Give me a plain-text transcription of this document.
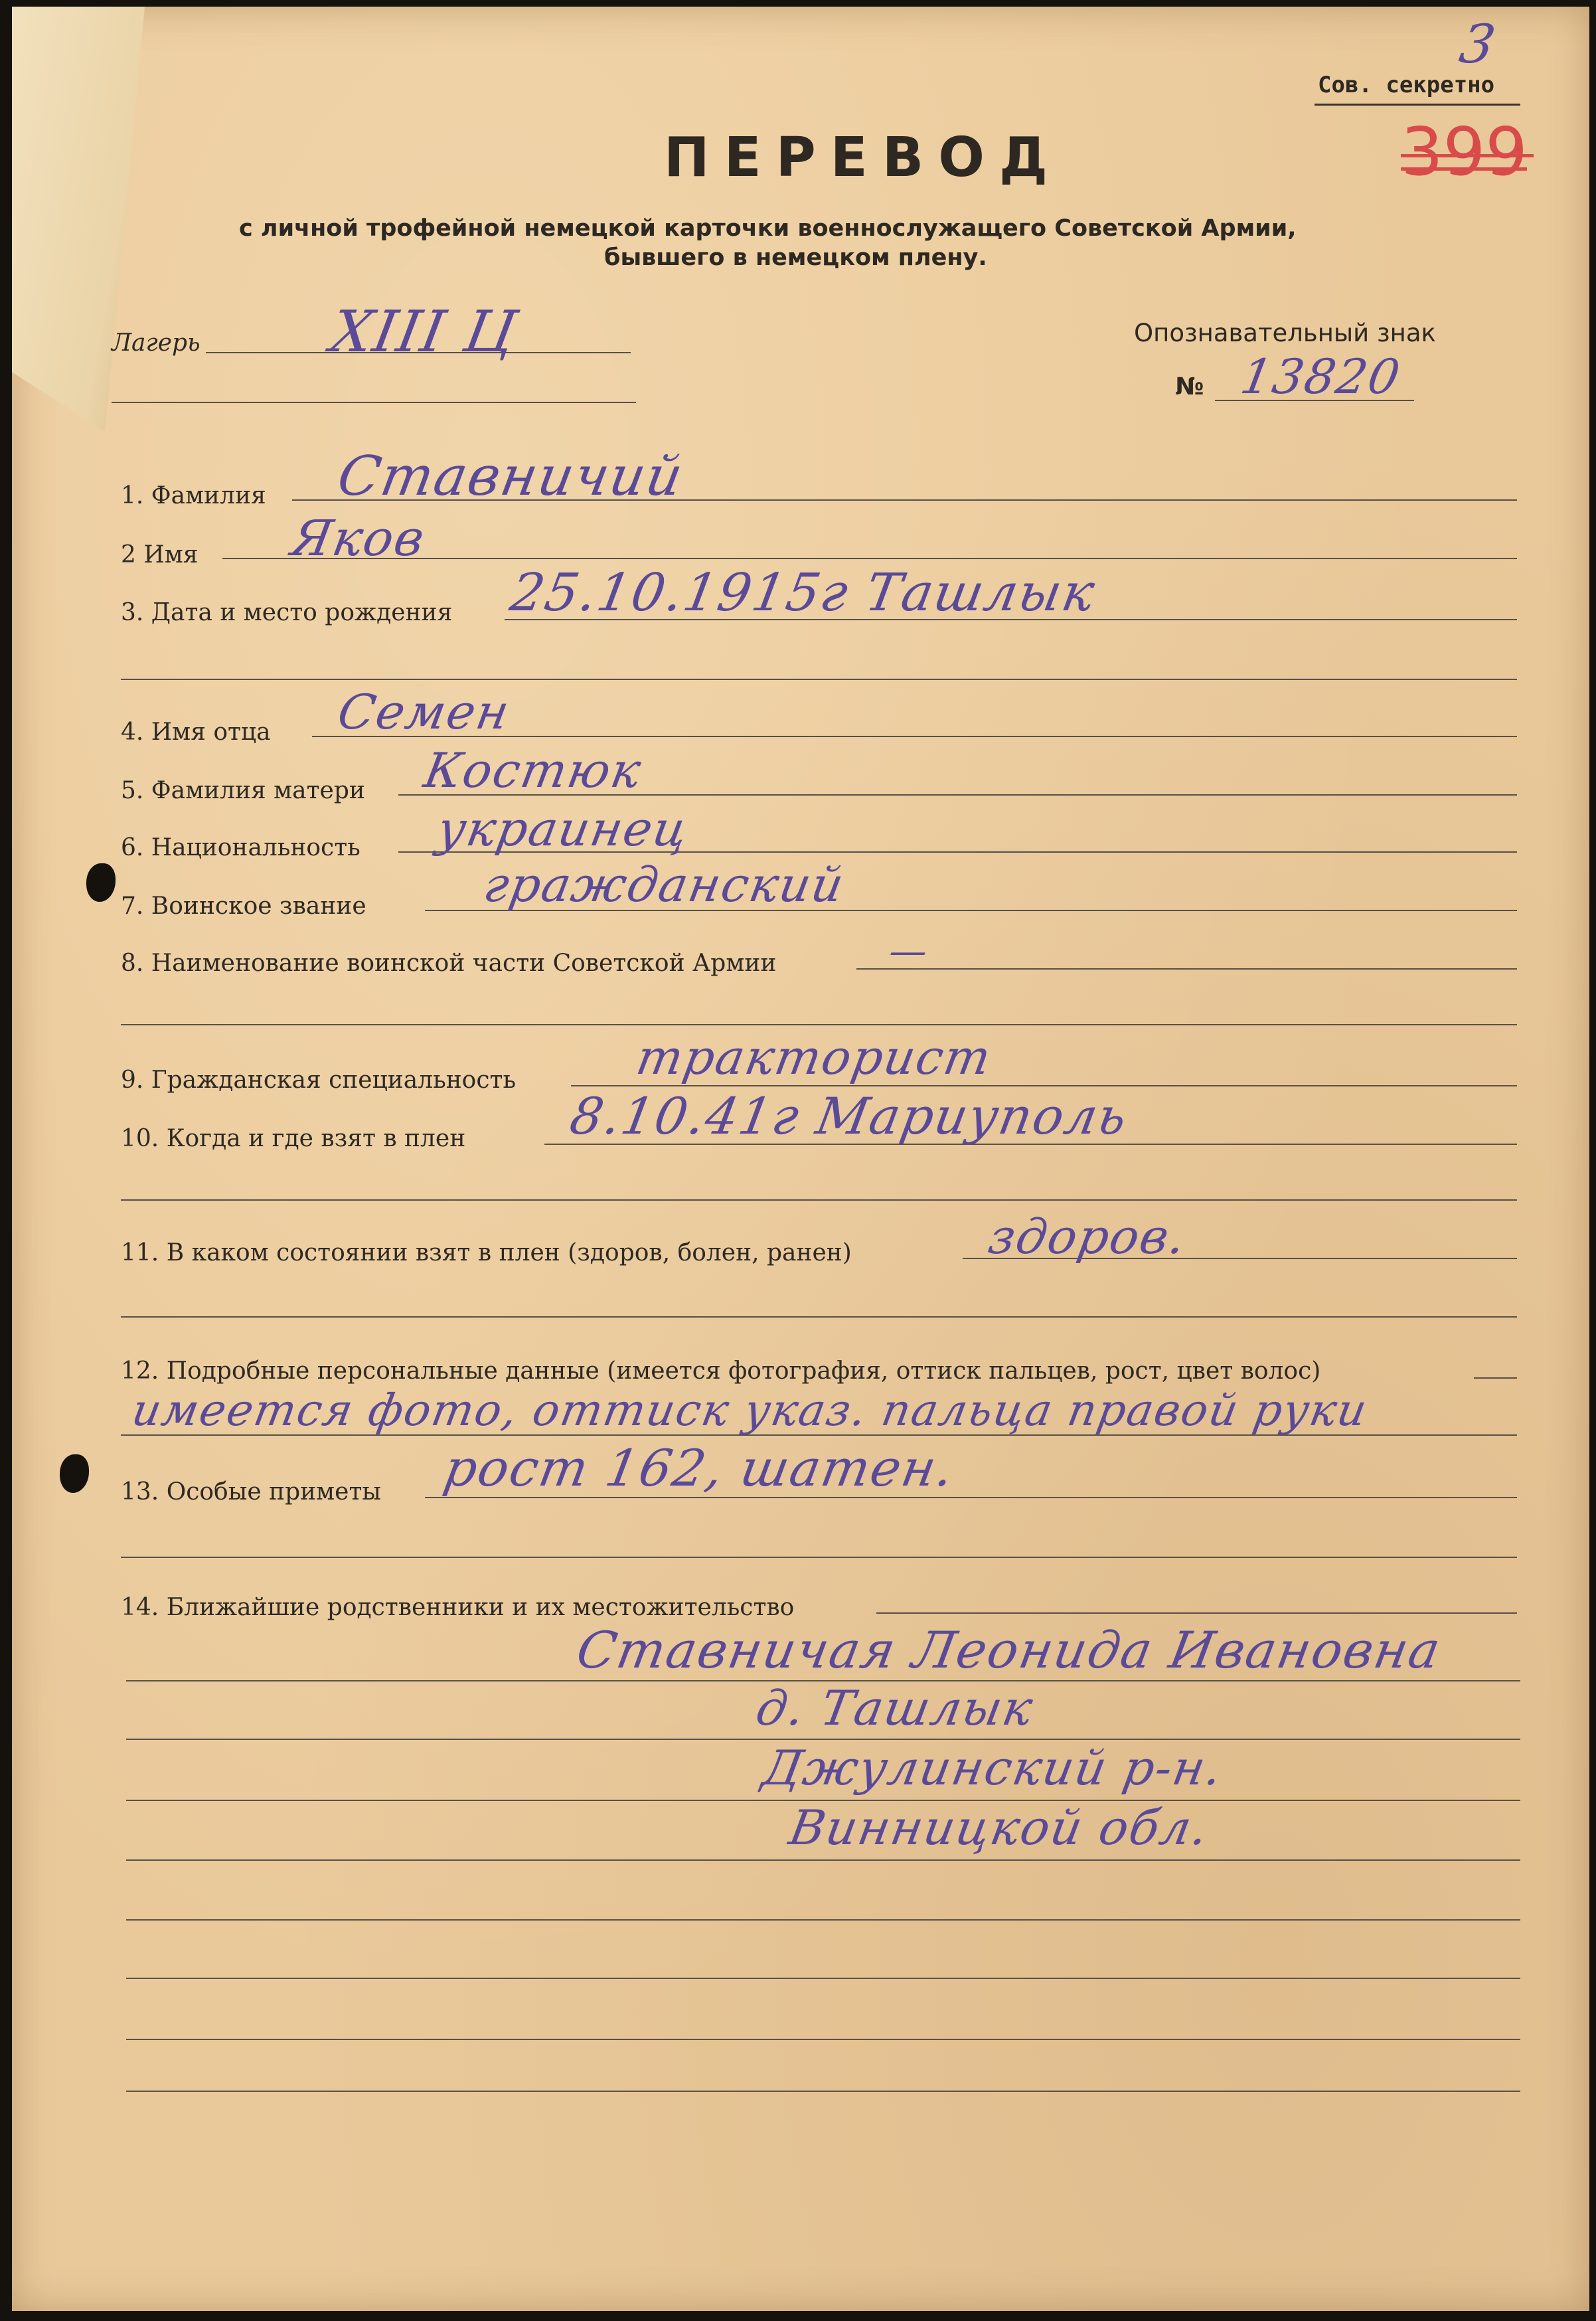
3
Сов. секретно
399
ПЕРЕВОД
с личной трофейной немецкой карточки военнослужащего Советской Армии,
бывшего в немецком плену.
Лагерь XIII Ц	Опознавательный знак
№ 13820
1. Фамилия Ставничий
2 Имя Яков
3. Дата и место рождения 25.10.1915г Ташлык
4. Имя отца Семен
5. Фамилия матери Костюк
6. Национальность украинец
7. Воинское звание гражданский
8. Наименование воинской части Советской Армии	—
9. Гражданская специальность тракторист
10. Когда и где взят в плен 8.10.41г Мариуполь
11. В каком состоянии взят в плен (здоров, болен, ранен)	здоров.
12. Подробные персональные данные (имеется фотография, оттиск пальцев, рост, цвет волос)
имеется фото, оттиск указ. пальца правой руки
13. Особые приметы рост 162, шатен.
14. Ближайшие родственники и их местожительство
Ставничая Леонида Ивановна
д. Ташлык
Джулинский р-н.
Винницкой обл.
